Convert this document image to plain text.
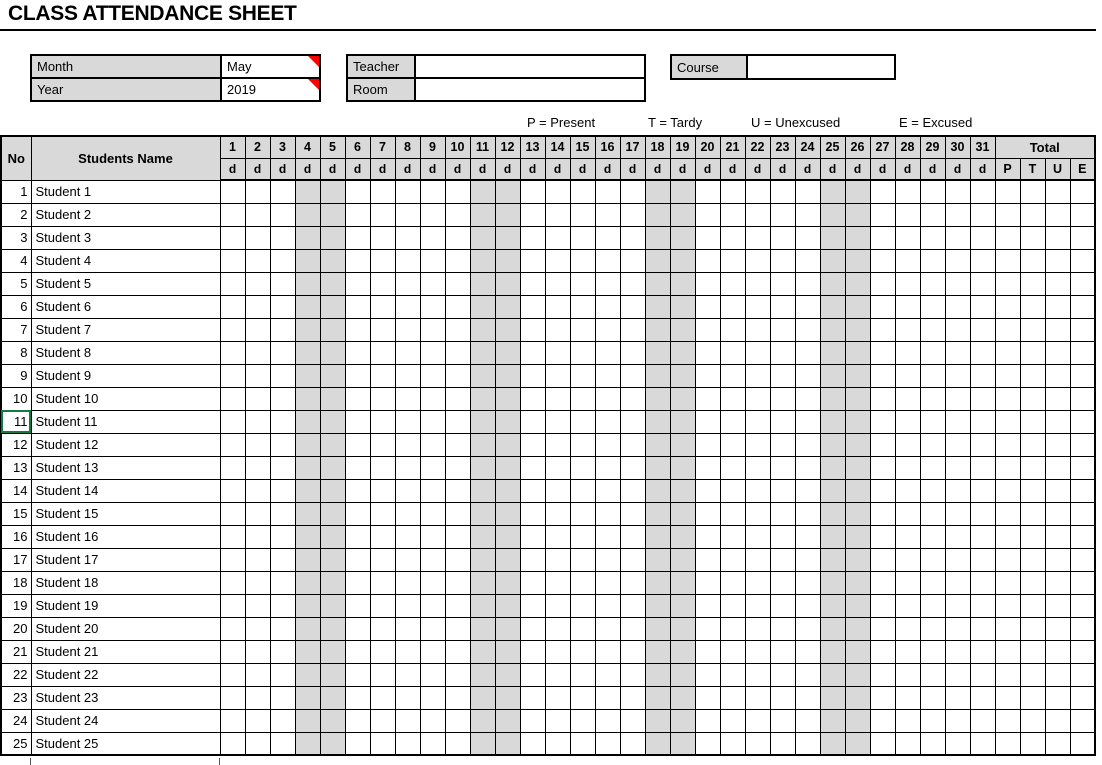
CLASS ATTENDANCE SHEET
Month	May
Year	2019
Teacher
Room
Course
P = Present	T = Tardy	U = Unexcused	E = Excused
No	Students Name	1	2	3	4	5	6	7	8	9	10	11	12	13	14	15	16	17	18	19	20	21	22	23	24	25	26	27	28	29	30	31	Total			
		d	d	d	d	d	d	d	d	d	d	d	d	d	d	d	d	d	d	d	d	d	d	d	d	d	d	d	d	d	d	d	P	T	U	E
1	Student 1																																			
2	Student 2																																			
3	Student 3																																			
4	Student 4																																			
5	Student 5																																			
6	Student 6																																			
7	Student 7																																			
8	Student 8																																			
9	Student 9																																			
10	Student 10																																			
11	Student 11																																			
12	Student 12																																			
13	Student 13																																			
14	Student 14																																			
15	Student 15																																			
16	Student 16																																			
17	Student 17																																			
18	Student 18																																			
19	Student 19																																			
20	Student 20																																			
21	Student 21																																			
22	Student 22																																			
23	Student 23																																			
24	Student 24																																			
25	Student 25																																			
